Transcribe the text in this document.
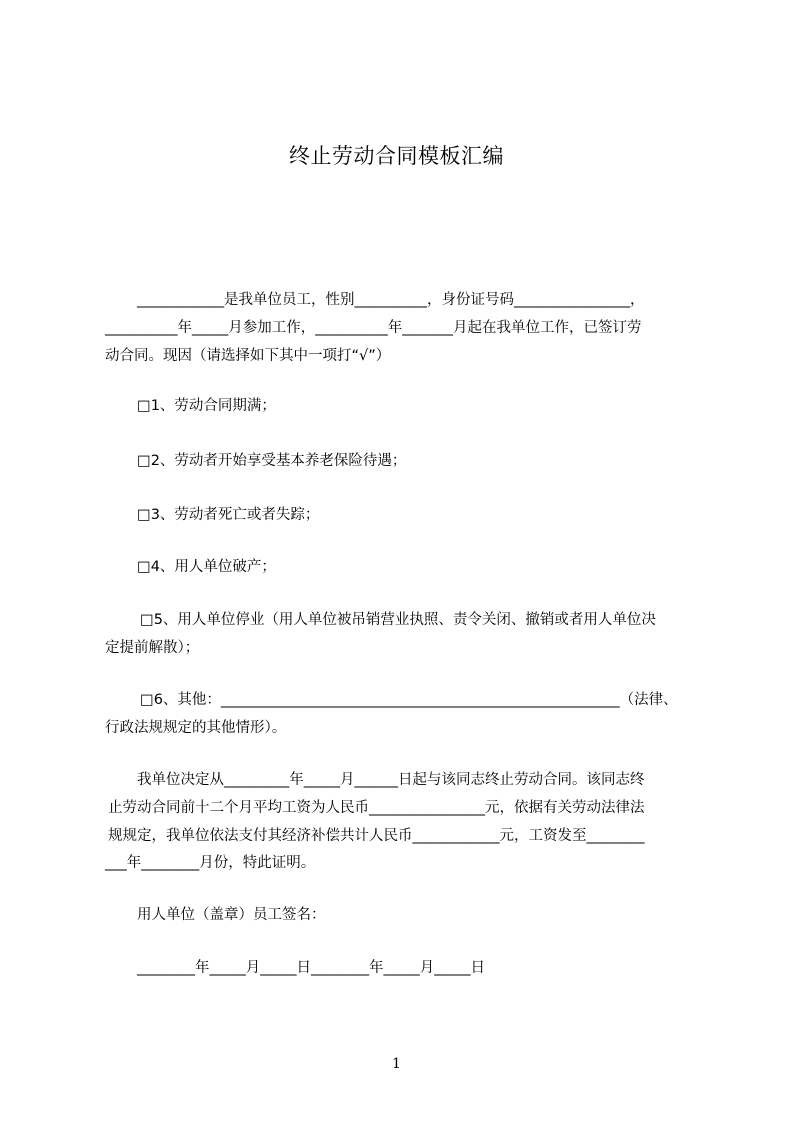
终止劳动合同模板汇编
____________是我单位员工，性别__________，身份证号码________________，
__________年_____月参加工作，__________年_______月起在我单位工作，已签订劳
动合同。现因（请选择如下其中一项打“√”）
□1、劳动合同期满；
□2、劳动者开始享受基本养老保险待遇；
□3、劳动者死亡或者失踪；
□4、用人单位破产；
□5、用人单位停业（用人单位被吊销营业执照、责令关闭、撤销或者用人单位决
定提前解散）；
□6、其他：_______________________________________________________（法律、
行政法规规定的其他情形）。
我单位决定从_________年_____月______日起与该同志终止劳动合同。该同志终
止劳动合同前十二个月平均工资为人民币________________元，依据有关劳动法律法
规规定，我单位依法支付其经济补偿共计人民币____________元，工资发至________
___年________月份，特此证明。
用人单位（盖章）员工签名：
________年_____月_____日________年_____月_____日
1
